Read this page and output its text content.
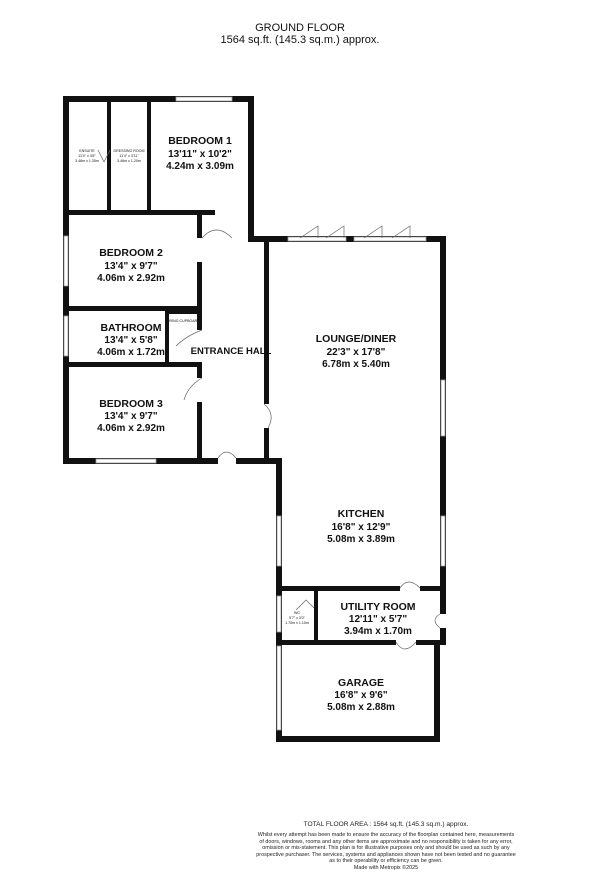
GROUND FLOOR
1564 sq.ft. (145.3 sq.m.) approx.
ENSUITE
11'4" x 4'5"
3.46m x 1.35m
DRESSING ROOM
11'4" x 3'11"
3.46m x 1.20m
BEDROOM 1
13'11" x 10'2"
4.24m x 3.09m
BEDROOM 2
13'4" x 9'7"
4.06m x 2.92m
BATHROOM
13'4" x 5'8"
4.06m x 1.72m
AIRING CUPBOARD
ENTRANCE HALL
BEDROOM 3
13'4" x 9'7"
4.06m x 2.92m
LOUNGE/DINER
22'3" x 17'8"
6.78m x 5.40m
KITCHEN
16'8" x 12'9"
5.08m x 3.89m
WC
5'7" x 3'0"
1.70m x 1.10m
UTILITY ROOM
12'11" x 5'7"
3.94m x 1.70m
GARAGE
16'8" x 9'6"
5.08m x 2.88m
TOTAL FLOOR AREA : 1564 sq.ft. (145.3 sq.m.) approx.
Whilst every attempt has been made to ensure the accuracy of the floorplan contained here, measurements
of doors, windows, rooms and any other items are approximate and no responsibility is taken for any error,
omission or mis-statement. This plan is for illustrative purposes only and should be used as such by any
prospective purchaser. The services, systems and appliances shown have not been tested and no guarantee
as to their operability or efficiency can be given.
Made with Metropix ©2025
